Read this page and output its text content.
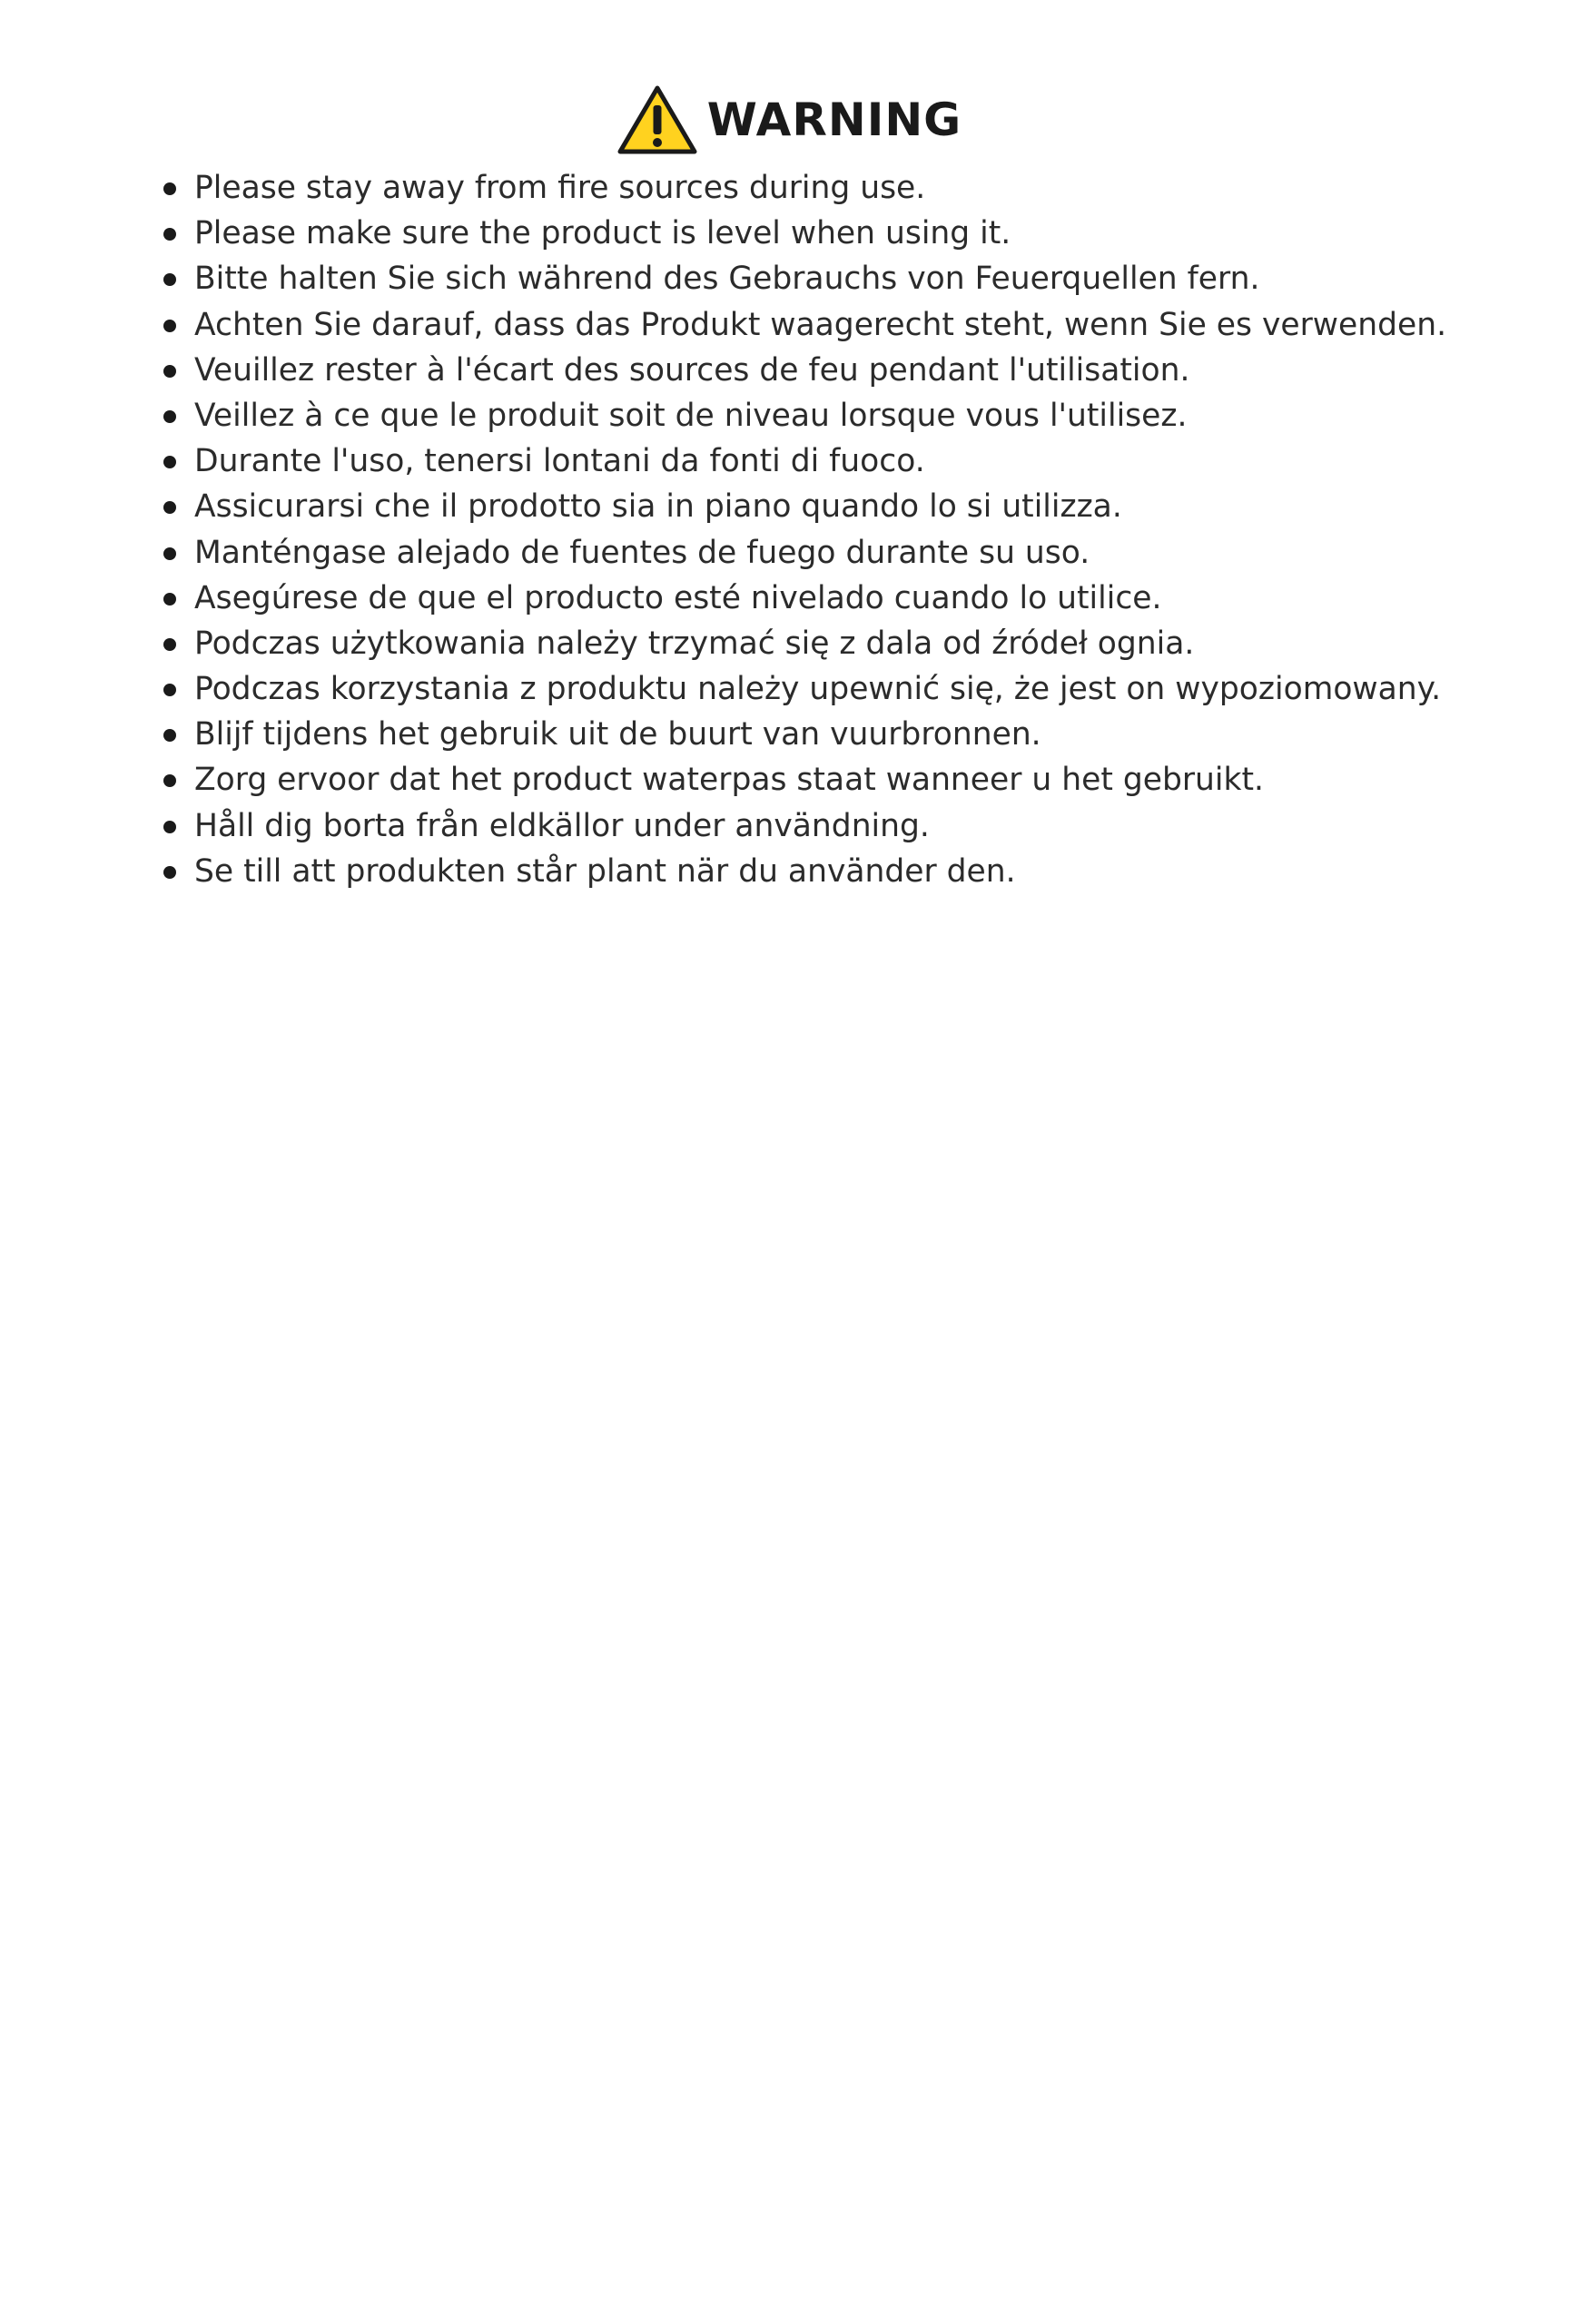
WARNING
Please stay away from fire sources during use.
Please make sure the product is level when using it.
Bitte halten Sie sich während des Gebrauchs von Feuerquellen fern.
Achten Sie darauf, dass das Produkt waagerecht steht, wenn Sie es verwenden.
Veuillez rester à l'écart des sources de feu pendant l'utilisation.
Veillez à ce que le produit soit de niveau lorsque vous l'utilisez.
Durante l'uso, tenersi lontani da fonti di fuoco.
Assicurarsi che il prodotto sia in piano quando lo si utilizza.
Manténgase alejado de fuentes de fuego durante su uso.
Asegúrese de que el producto esté nivelado cuando lo utilice.
Podczas użytkowania należy trzymać się z dala od źródeł ognia.
Podczas korzystania z produktu należy upewnić się, że jest on wypoziomowany.
Blijf tijdens het gebruik uit de buurt van vuurbronnen.
Zorg ervoor dat het product waterpas staat wanneer u het gebruikt.
Håll dig borta från eldkällor under användning.
Se till att produkten står plant när du använder den.
